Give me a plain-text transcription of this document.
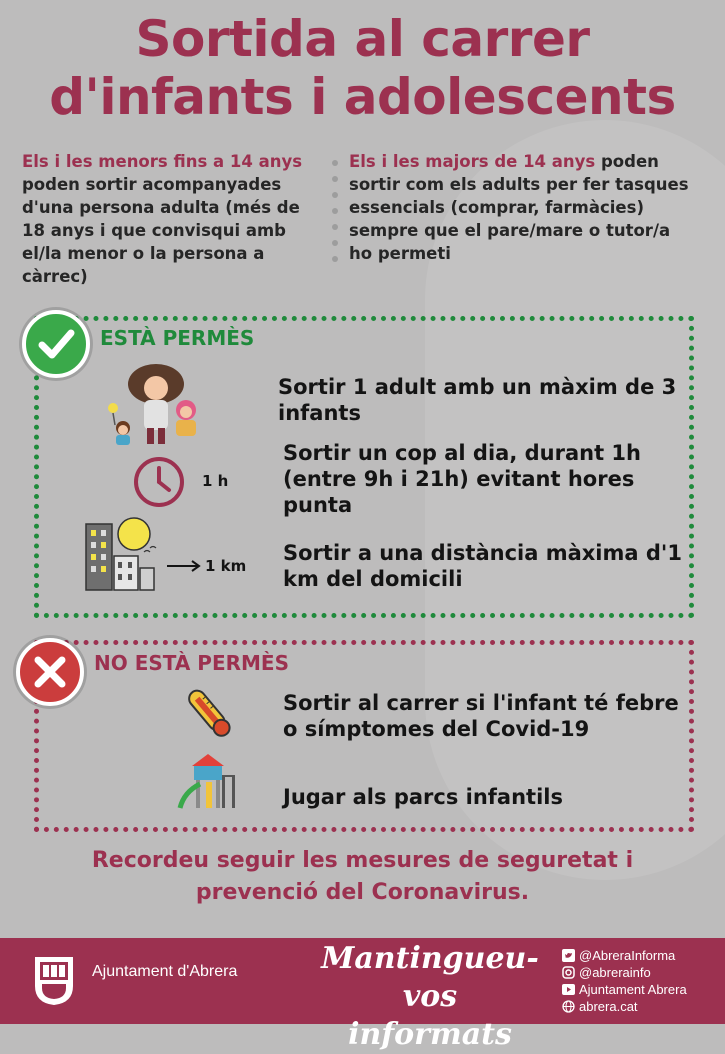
Sortida al carrer
d'infants i adolescents
Els i les menors fins a 14 anys poden sortir acompanyades d'una persona adulta (més de 18 anys i que convisqui amb el/la menor o la persona a càrrec)
Els i les majors de 14 anys poden sortir com els adults per fer tasques essencials (comprar, farmàcies) sempre que el pare/mare o tutor/a ho permeti
ESTÀ PERMÈS
Sortir 1 adult amb un màxim de 3 infants
1 h
Sortir un cop al dia, durant 1h (entre 9h i 21h) evitant hores punta
1 km
Sortir a una distància màxima d'1 km del domicili
NO ESTÀ PERMÈS
Sortir al carrer si l'infant té febre o símptomes del Covid-19
Jugar als parcs infantils
Recordeu seguir les mesures de seguretat i
prevenció del Coronavirus.
Ajuntament d'Abrera	Mantingueu-vos
informats
@AbreraInforma
@abrerainfo
Ajuntament Abrera
abrera.cat
